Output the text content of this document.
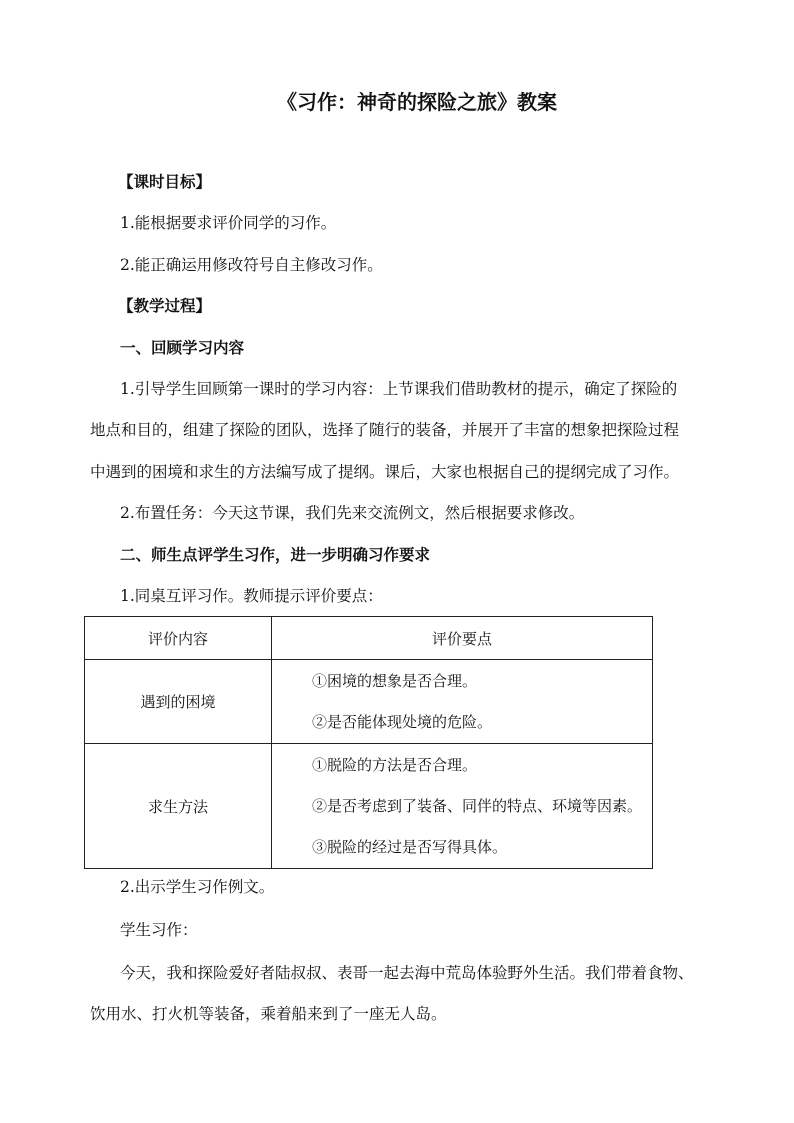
《习作：神奇的探险之旅》教案
【课时目标】
1.能根据要求评价同学的习作。
2.能正确运用修改符号自主修改习作。
【教学过程】
一、回顾学习内容
1.引导学生回顾第一课时的学习内容：上节课我们借助教材的提示，确定了探险的
地点和目的，组建了探险的团队，选择了随行的装备，并展开了丰富的想象把探险过程
中遇到的困境和求生的方法编写成了提纲。课后，大家也根据自己的提纲完成了习作。
2.布置任务：今天这节课，我们先来交流例文，然后根据要求修改。
二、师生点评学生习作，进一步明确习作要求
1.同桌互评习作。教师提示评价要点：
评价内容	评价要点
遇到的困境	①困境的想象是否合理。
②是否能体现处境的危险。

求生方法	①脱险的方法是否合理。
②是否考虑到了装备、同伴的特点、环境等因素。
③脱险的经过是否写得具体。
2.出示学生习作例文。
学生习作：
今天，我和探险爱好者陆叔叔、表哥一起去海中荒岛体验野外生活。我们带着食物、
饮用水、打火机等装备，乘着船来到了一座无人岛。
